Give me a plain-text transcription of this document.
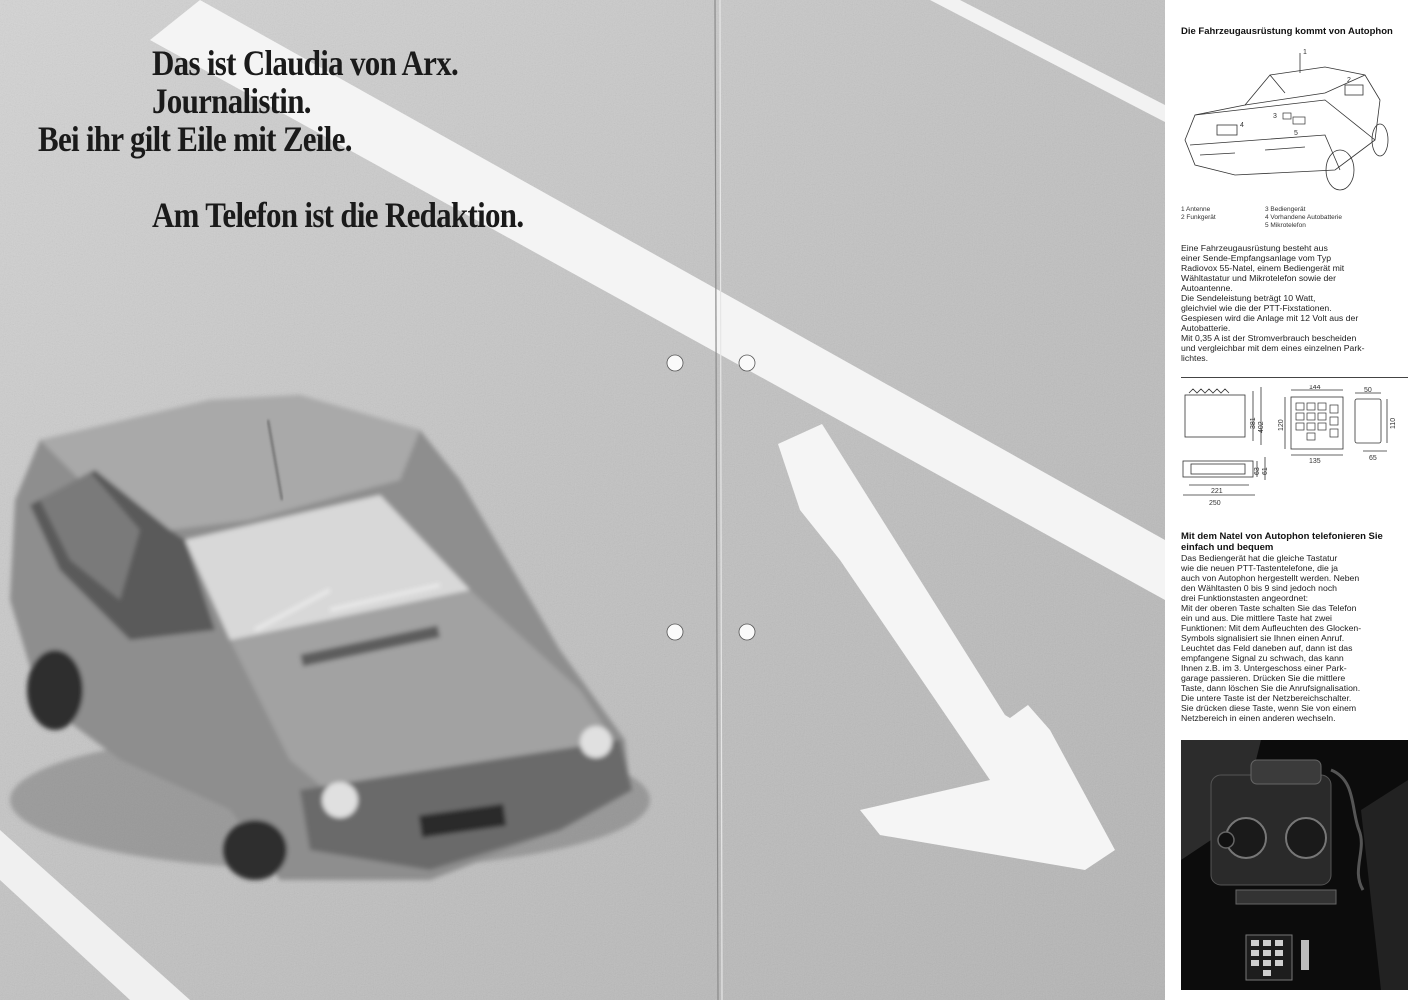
Das ist Claudia von Arx.
Journalistin.
Bei ihr gilt Eile mit Zeile.
Am Telefon ist die Redaktion.
Die Fahrzeugausrüstung kommt von Autophon
1
2
3
4
5
1 Antenne
2 Funkgerät
3 Bediengerät
4 Vorhandene Autobatterie
5 Mikrotelefon
Eine Fahrzeugausrüstung besteht aus
einer Sende-Empfangsanlage vom Typ
Radiovox 55-Natel, einem Bediengerät mit
Wähltastatur und Mikrotelefon sowie der
Autoantenne.
Die Sendeleistung beträgt 10 Watt,
gleichviel wie die der PTT-Fixstationen.
Gespiesen wird die Anlage mit 12 Volt aus der
Autobatterie.
Mit 0,35 A ist der Stromverbrauch bescheiden
und vergleichbar mit dem eines einzelnen Park-
lichtes.
381 402
63 61
221
250
144
120
135
50
110
65
Mit dem Natel von Autophon telefonieren Sie einfach und bequem
Das Bediengerät hat die gleiche Tastatur
wie die neuen PTT-Tastentelefone, die ja
auch von Autophon hergestellt werden. Neben
den Wähltasten 0 bis 9 sind jedoch noch
drei Funktionstasten angeordnet:
Mit der oberen Taste schalten Sie das Telefon
ein und aus. Die mittlere Taste hat zwei
Funktionen: Mit dem Aufleuchten des Glocken-
Symbols signalisiert sie Ihnen einen Anruf.
Leuchtet das Feld daneben auf, dann ist das
empfangene Signal zu schwach, das kann
Ihnen z.B. im 3. Untergeschoss einer Park-
garage passieren. Drücken Sie die mittlere
Taste, dann löschen Sie die Anrufsignalisation.
Die untere Taste ist der Netzbereichschalter.
Sie drücken diese Taste, wenn Sie von einem
Netzbereich in einen anderen wechseln.
